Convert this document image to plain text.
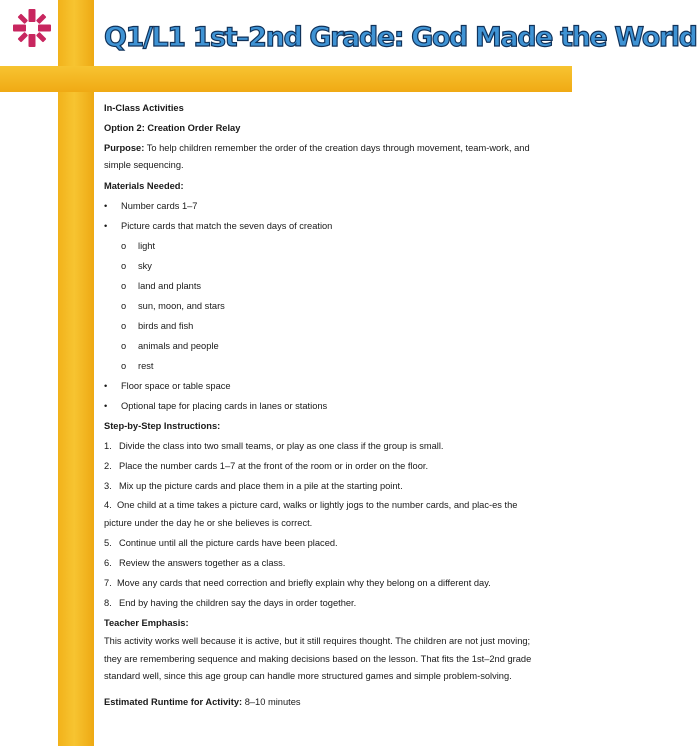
Q1/L1 1st–2nd Grade: God Made the World

In-Class Activities

Option 2: Creation Order Relay

Purpose: To help children remember the order of the creation days through movement, team-work, and simple sequencing.

Materials Needed:

•	Number cards 1–7
•	Picture cards that match the seven days of creation
o	light
o	sky
o	land and plants
o	sun, moon, and stars
o	birds and fish
o	animals and people
o	rest
•	Floor space or table space
•	Optional tape for placing cards in lanes or stations

Step-by-Step Instructions:

1. Divide the class into two small teams, or play as one class if the group is small.
2. Place the number cards 1–7 at the front of the room or in order on the floor.
3. Mix up the picture cards and place them in a pile at the starting point.

4. One child at a time takes a picture card, walks or lightly jogs to the number cards, and plac-es the picture under the day he or she believes is correct.

5. Continue until all the picture cards have been placed.
6. Review the answers together as a class.

7. Move any cards that need correction and briefly explain why they belong on a different day.

8. End by having the children say the days in order together.

Teacher Emphasis:

This activity works well because it is active, but it still requires thought. The children are not just moving; they are remembering sequence and making decisions based on the lesson. That fits the 1st–2nd grade standard well, since this age group can handle more structured games and simple problem-solving.

Estimated Runtime for Activity: 8–10 minutes
